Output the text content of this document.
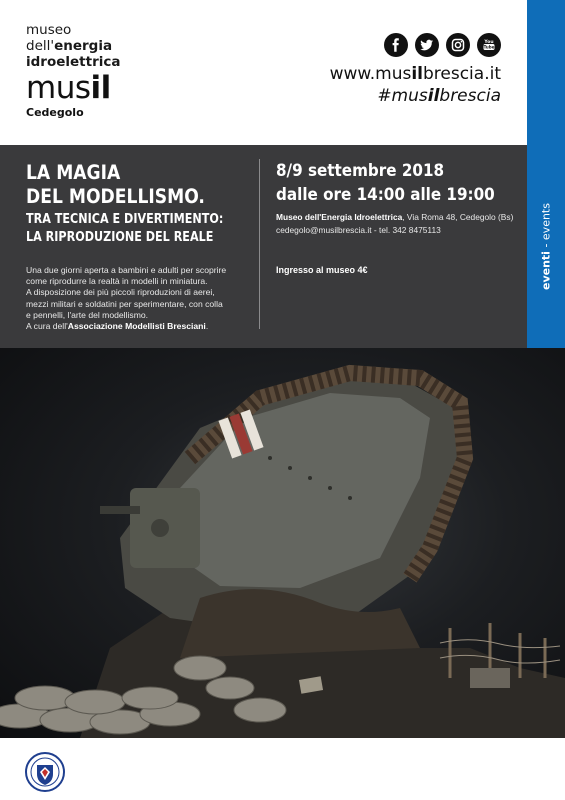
museo
dell'energia
idroelettrica
musil
Cedegolo
You
Tube
www.musilbrescia.it
#musilbrescia
eventi - events
LA MAGIA
DEL MODELLISMO.
TRA TECNICA E DIVERTIMENTO:
LA RIPRODUZIONE DEL REALE

Una due giorni aperta a bambini e adulti per scoprire

come riprodurre la realtà in modelli in miniatura.

A disposizione dei più piccoli riproduzioni di aerei,

mezzi militari e soldatini per sperimentare, con colla

e pennelli, l'arte del modellismo.

A cura dell'Associazione Modellisti Bresciani.

8/9 settembre 2018
dalle ore 14:00 alle 19:00
Museo dell'Energia Idroelettrica, Via Roma 48, Cedegolo (Bs)
cedegolo@musilbrescia.it - tel. 342 8475113
Ingresso al museo 4€
